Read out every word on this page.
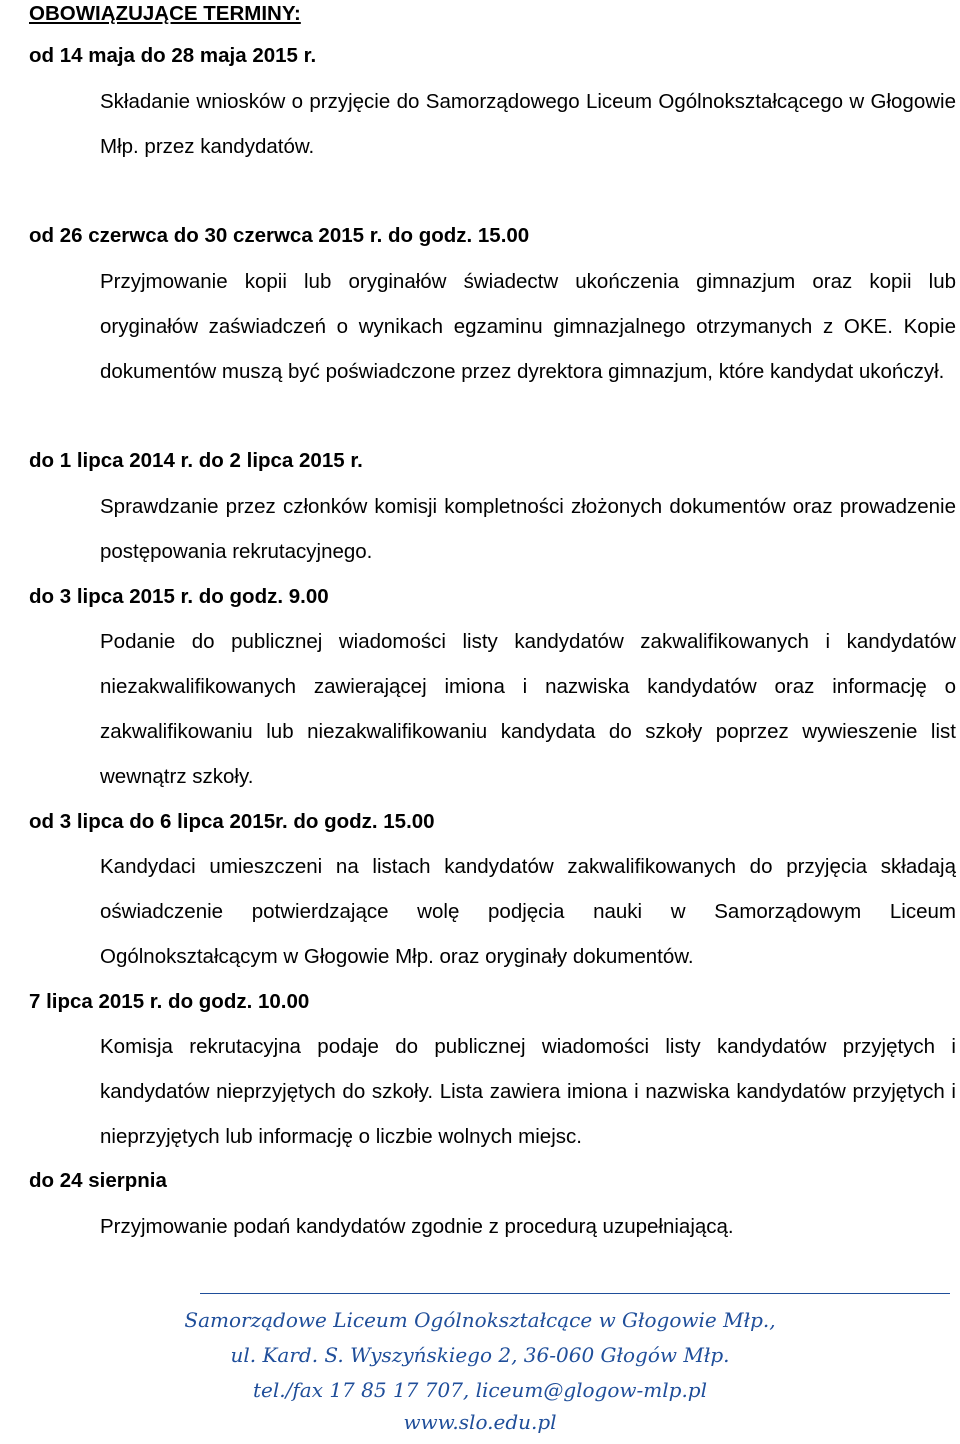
OBOWIĄZUJĄCE TERMINY:
od 14 maja do 28 maja 2015 r.
Składanie wniosków o przyjęcie do Samorządowego Liceum Ogólnokształcącego w Głogowie Młp. przez kandydatów.
od 26 czerwca do 30 czerwca 2015 r. do godz. 15.00
Przyjmowanie kopii lub oryginałów świadectw ukończenia gimnazjum oraz kopii lub oryginałów zaświadczeń o wynikach egzaminu gimnazjalnego otrzymanych z OKE. Kopie dokumentów muszą być poświadczone przez dyrektora gimnazjum, które kandydat ukończył.
do 1 lipca 2014 r. do 2 lipca 2015 r.
Sprawdzanie przez członków komisji kompletności złożonych dokumentów oraz prowadzenie postępowania rekrutacyjnego.
do 3 lipca 2015 r. do godz. 9.00
Podanie do publicznej wiadomości listy kandydatów zakwalifikowanych i kandydatów niezakwalifikowanych zawierającej imiona i nazwiska kandydatów oraz informację o zakwalifikowaniu lub niezakwalifikowaniu kandydata do szkoły poprzez wywieszenie list wewnątrz szkoły.
od 3 lipca do 6 lipca 2015r. do godz. 15.00
Kandydaci umieszczeni na listach kandydatów zakwalifikowanych do przyjęcia składają oświadczenie potwierdzające wolę podjęcia nauki w Samorządowym Liceum Ogólnokształcącym w Głogowie Młp. oraz oryginały dokumentów.
7 lipca 2015 r. do godz. 10.00
Komisja rekrutacyjna podaje do publicznej wiadomości listy kandydatów przyjętych i kandydatów nieprzyjętych do szkoły. Lista zawiera imiona i nazwiska kandydatów przyjętych i nieprzyjętych lub informację o liczbie wolnych miejsc.
do 24 sierpnia
Przyjmowanie podań kandydatów zgodnie z procedurą uzupełniającą.
Samorządowe Liceum Ogólnokształcące w Głogowie Młp.,
ul. Kard. S. Wyszyńskiego 2, 36-060 Głogów Młp.
tel./fax 17 85 17 707, liceum@glogow-mlp.pl
www.slo.edu.pl
